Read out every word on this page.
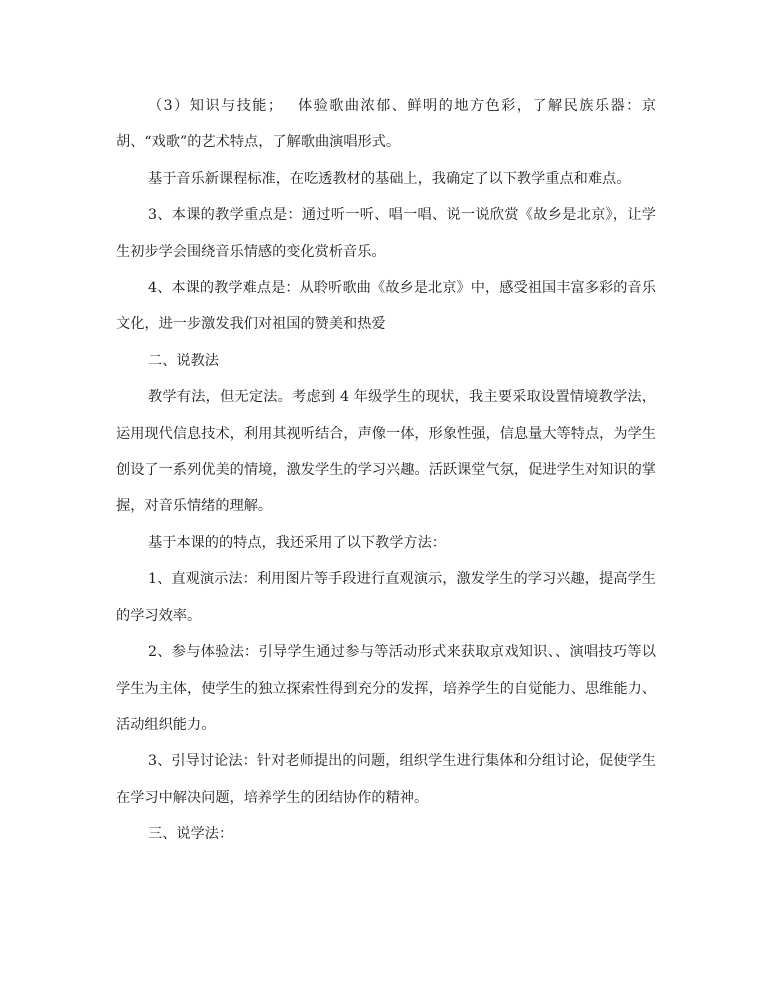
（3）知识与技能；　 体验歌曲浓郁、鲜明的地方色彩，了解民族乐器：京胡、“戏歌”的艺术特点，了解歌曲演唱形式。

基于音乐新课程标准，在吃透教材的基础上，我确定了以下教学重点和难点。

3、本课的教学重点是：通过听一听、唱一唱、说一说欣赏《故乡是北京》，让学生初步学会围绕音乐情感的变化赏析音乐。

4、本课的教学难点是：从聆听歌曲《故乡是北京》中，感受祖国丰富多彩的音乐文化，进一步激发我们对祖国的赞美和热爱

二、说教法

教学有法，但无定法。考虑到 4 年级学生的现状，我主要采取设置情境教学法，运用现代信息技术，利用其视听结合，声像一体，形象性强，信息量大等特点，为学生创设了一系列优美的情境，激发学生的学习兴趣。活跃课堂气氛，促进学生对知识的掌握，对音乐情绪的理解。

基于本课的的特点，我还采用了以下教学方法：

1、直观演示法：利用图片等手段进行直观演示，激发学生的学习兴趣，提高学生的学习效率。

2、参与体验法：引导学生通过参与等活动形式来获取京戏知识、、演唱技巧等以学生为主体，使学生的独立探索性得到充分的发挥，培养学生的自觉能力、思维能力、活动组织能力。

3、引导讨论法：针对老师提出的问题，组织学生进行集体和分组讨论，促使学生在学习中解决问题，培养学生的团结协作的精神。

三、说学法：
